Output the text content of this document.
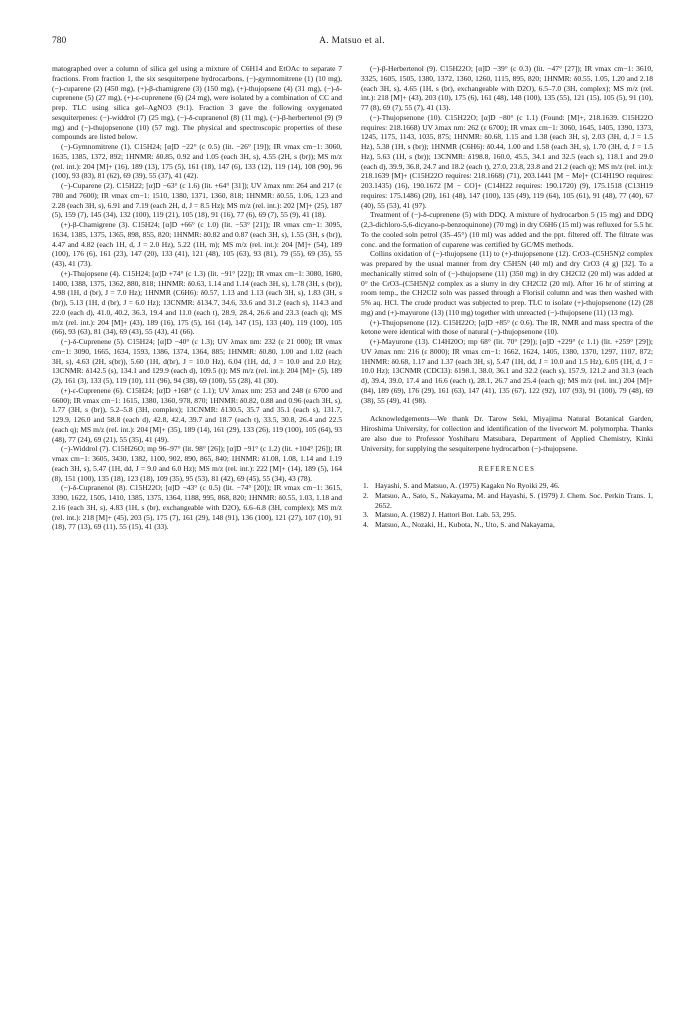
780	A. Matsuo et al.

matographed over a column of silica gel using a mixture of C6H14 and EtOAc to separate 7 fractions. From fraction 1, the six sesquiterpene hydrocarbons, (−)-gymnomitrene (1) (10 mg), (−)-cuparene (2) (450 mg), (+)-β-chamigrene (3) (150 mg), (+)-thujopsene (4) (31 mg), (−)-δ-cuprenene (5) (27 mg), (+)-ε-cuprenene (6) (24 mg), were isolated by a combination of CC and prep. TLC using silica gel–AgNO3 (9:1). Fraction 3 gave the following oxygenated sesquiterpenes: (−)-widdrol (7) (25 mg), (−)-δ-cupranenol (8) (11 mg), (−)-β-herbertenol (9) (9 mg) and (−)-thujopsenone (10) (57 mg). The physical and spectroscopic properties of these compounds are listed below.

(−)-Gymnomitrene (1). C15H24; [α]D −22° (c 0.5) (lit. −26° [19]); IR νmax cm−1: 3060, 1635, 1385, 1372, 892; 1HNMR: δ0.85, 0.92 and 1.05 (each 3H, s), 4.55 (2H, s (br)); MS m/z (rel. int.): 204 [M]+ (16), 189 (13), 175 (5), 161 (18), 147 (6), 133 (12), 119 (14), 108 (90), 96 (100), 93 (83), 81 (62), 69 (39), 55 (37), 41 (42).

(−)-Cuparene (2). C15H22; [α]D −63° (c 1.6) (lit. +64° [31]); UV λmax nm: 264 and 217 (ε 780 and 7600); IR νmax cm−1: 1510, 1380, 1371, 1360, 818; 1HNMR: δ0.55, 1.06, 1.23 and 2.28 (each 3H, s), 6.91 and 7.19 (each 2H, d, J = 8.5 Hz); MS m/z (rel. int.): 202 [M]+ (25), 187 (5), 159 (7), 145 (34), 132 (100), 119 (21), 105 (18), 91 (16), 77 (6), 69 (7), 55 (9), 41 (18).

(+)-β-Chamigrene (3). C15H24; [α]D +66° (c 1.0) (lit. −53° [21]); IR νmax cm−1: 3095, 1634, 1385, 1375, 1365, 898, 855, 820; 1HNMR: δ0.82 and 0.87 (each 3H, s), 1.55 (3H, s (br)), 4.47 and 4.82 (each 1H, d, J = 2.0 Hz), 5.22 (1H, m); MS m/z (rel. int.): 204 [M]+ (54), 189 (100), 176 (6), 161 (23), 147 (20), 133 (41), 121 (48), 105 (63), 93 (81), 79 (55), 69 (35), 55 (43), 41 (73).

(+)-Thujopsene (4). C15H24; [α]D +74° (c 1.3) (lit. −91° [22]); IR νmax cm−1: 3080, 1680, 1400, 1388, 1375, 1362, 880, 818; 1HNMR: δ0.63, 1.14 and 1.14 (each 3H, s), 1.78 (3H, s (br)), 4.98 (1H, d (br), J = 7.0 Hz); 1HNMR (C6H6): δ0.57, 1.13 and 1.13 (each 3H, s), 1.83 (3H, s (br)), 5.13 (1H, d (br), J = 6.0 Hz); 13CNMR: δ134.7, 34.6, 33.6 and 31.2 (each s), 114.3 and 22.0 (each d), 41.0, 40.2, 36.3, 19.4 and 11.0 (each t), 28.9, 28.4, 26.6 and 23.3 (each q); MS m/z (rel. int.): 204 [M]+ (43), 189 (16), 175 (5), 161 (14), 147 (15), 133 (40), 119 (100), 105 (66), 93 (63), 81 (34), 69 (43), 55 (43), 41 (66).

(−)-δ-Cuprenene (5). C15H24; [α]D −40° (c 1.3); UV λmax nm: 232 (ε 21 000); IR νmax cm−1: 3090, 1665, 1634, 1593, 1386, 1374, 1364, 885; 1HNMR: δ0.80, 1.00 and 1.02 (each 3H, s), 4.63 (2H, s(br)), 5.60 (1H, d(br), J = 10.0 Hz), 6.04 (1H, dd, J = 10.0 and 2.0 Hz); 13CNMR: δ142.5 (s), 134.1 and 129.9 (each d), 109.5 (t); MS m/z (rel. int.): 204 [M]+ (5), 189 (2), 161 (3), 133 (5), 119 (10), 111 (96), 94 (38), 69 (100), 55 (28), 41 (30).

(+)-ε-Cuprenene (6). C15H24; [α]D +168° (c 1.1); UV λmax nm: 253 and 248 (ε 6700 and 6600); IR νmax cm−1: 1615, 1380, 1360, 978, 870; 1HNMR: δ0.82, 0.88 and 0.96 (each 3H, s), 1.77 (3H, s (br)), 5.2–5.8 (3H, complex); 13CNMR: δ130.5, 35.7 and 35.1 (each s), 131.7, 129.9, 126.0 and 58.8 (each d), 42.8, 42.4, 39.7 and 18.7 (each t), 33.5, 30.8, 26.4 and 22.5 (each q); MS m/z (rel. int.): 204 [M]+ (35), 189 (14), 161 (29), 133 (26), 119 (100), 105 (64), 93 (48), 77 (24), 69 (21), 55 (35), 41 (49).

(−)-Widdrol (7). C15H26O; mp 96–97° (lit. 98° [26]); [α]D −91° (c 1.2) (lit. +104° [26]); IR νmax cm−1: 3605, 3430, 1382, 1100, 902, 890, 865, 840; 1HNMR: δ1.08, 1.08, 1.14 and 1.19 (each 3H, s), 5.47 (1H, dd, J = 9.0 and 6.0 Hz); MS m/z (rel. int.): 222 [M]+ (14), 189 (5), 164 (8), 151 (100), 135 (18), 123 (18), 109 (35), 95 (53), 81 (42), 69 (45), 55 (34), 43 (78).

(−)-δ-Cupranenol (8). C15H22O; [α]D −43° (c 0.5) (lit. −74° [20]); IR νmax cm−1: 3615, 3390, 1622, 1505, 1410, 1385, 1375, 1364, 1188, 995, 868, 820; 1HNMR: δ0.55, 1.03, 1.18 and 2.16 (each 3H, s), 4.83 (1H, s (br), exchangeable with D2O), 6.6–6.8 (3H, complex); MS m/z (rel. int.): 218 [M]+ (45), 203 (5), 175 (7), 161 (29), 148 (91), 136 (100), 121 (27), 107 (10), 91 (18), 77 (13), 69 (11), 55 (15), 41 (33).

(−)-β-Herbertenol (9). C15H22O; [α]D −39° (c 0.3) (lit. −47° [27]); IR νmax cm−1: 3610, 3325, 1605, 1505, 1380, 1372, 1360, 1260, 1115, 895, 820; 1HNMR: δ0.55, 1.05, 1.20 and 2.18 (each 3H, s), 4.65 (1H, s (br), exchangeable with D2O), 6.5–7.0 (3H, complex); MS m/z (rel. int.): 218 [M]+ (43), 203 (10), 175 (6), 161 (48), 148 (100), 135 (55), 121 (15), 105 (5), 91 (10), 77 (8), 69 (7), 55 (7), 41 (13).

(−)-Thujopsenone (10). C15H22O; [α]D −80° (c 1.1) (Found: [M]+, 218.1639. C15H22O requires: 218.1668) UV λmax nm: 262 (ε 6700); IR νmax cm−1: 3060, 1645, 1405, 1390, 1373, 1245, 1175, 1143, 1035, 875; 1HNMR: δ0.68, 1.15 and 1.38 (each 3H, s), 2.03 (3H, d, J = 1.5 Hz), 5.38 (1H, s (br)); 1HNMR (C6H6): δ0.44, 1.00 and 1.58 (each 3H, s), 1.70 (3H, d, J = 1.5 Hz), 5.63 (1H, s (br)); 13CNMR: δ198.8, 160.0, 45.5, 34.1 and 32.5 (each s), 118.1 and 29.0 (each d), 39.9, 36.8, 24.7 and 18.2 (each t), 27.0, 23.8, 23.8 and 21.2 (each q); MS m/z (rel. int.): 218.1639 [M]+ (C15H22O requires: 218.1668) (71), 203.1441 [M − Me]+ (C14H19O requires: 203.1435) (16), 190.1672 [M − CO]+ (C14H22 requires: 190.1720) (9), 175.1518 (C13H19 requires: 175.1486) (20), 161 (48), 147 (100), 135 (49), 119 (64), 105 (61), 91 (48), 77 (40), 67 (40), 55 (53), 41 (97).

Treatment of (−)-δ-cuprenene (5) with DDQ. A mixture of hydrocarbon 5 (15 mg) and DDQ (2,3-dichloro-5,6-dicyano-p-benzoquinone) (70 mg) in dry C6H6 (15 ml) was refluxed for 5.5 hr. To the cooled soln petrol (35–45°) (10 ml) was added and the ppt. filtered off. The filtrate was conc. and the formation of cuparene was certified by GC/MS methods.

Collins oxidation of (−)-thujopsene (11) to (+)-thujopsenone (12). CrO3–(C5H5N)2 complex was prepared by the usual manner from dry C5H5N (40 ml) and dry CrO3 (4 g) [32]. To a mechanically stirred soln of (−)-thujopsene (11) (350 mg) in dry CH2Cl2 (20 ml) was added at 0° the CrO3–(C5H5N)2 complex as a slurry in dry CH2Cl2 (20 ml). After 16 hr of stirring at room temp., the CH2Cl2 soln was passed through a Florisil column and was then washed with 5% aq. HCl. The crude product was subjected to prep. TLC to isolate (+)-thujopsenone (12) (28 mg) and (+)-mayurone (13) (110 mg) together with unreacted (−)-thujopsene (11) (13 mg).

(+)-Thujopsenone (12). C15H22O; [α]D +85° (c 0.6). The IR, NMR and mass spectra of the ketone were identical with those of natural (−)-thujopsenone (10).

(+)-Mayurone (13). C14H20O; mp 68° (lit. 70° [29]); [α]D +229° (c 1.1) (lit. +259° [29]); UV λmax nm: 216 (ε 8000); IR νmax cm−1: 1662, 1624, 1405, 1380, 1370, 1297, 1107, 872; 1HNMR: δ0.68, 1.17 and 1.37 (each 3H, s), 5.47 (1H, dd, J = 10.0 and 1.5 Hz), 6.05 (1H, d, J = 10.0 Hz); 13CNMR (CDCl3): δ198.1, 38.0, 36.1 and 32.2 (each s), 157.9, 121.2 and 31.3 (each d), 39.4, 39.0, 17.4 and 16.6 (each t), 28.1, 26.7 and 25.4 (each q); MS m/z (rel. int.) 204 [M]+ (84), 189 (69), 176 (29), 161 (63), 147 (41), 135 (67), 122 (92), 107 (93), 91 (100), 79 (48), 69 (38), 55 (49), 41 (98).

Acknowledgements—We thank Dr. Tarow Seki, Miyajima Natural Botanical Garden, Hiroshima University, for collection and identification of the liverwort M. polymorpha. Thanks are also due to Professor Yoshiharu Matsubara, Department of Applied Chemistry, Kinki University, for supplying the sesquiterpene hydrocarbon (−)-thujopsene.

REFERENCES

1. Hayashi, S. and Matsuo, A. (1975) Kagaku No Ryoiki 29, 46.

2. Matsuo, A., Sato, S., Nakayama, M. and Hayashi, S. (1979) J. Chem. Soc. Perkin Trans. 1, 2652.

3. Matsuo, A. (1982) J. Hattori Bot. Lab. 53, 295.

4. Matsuo, A., Nozaki, H., Kubota, N., Uto, S. and Nakayama,
